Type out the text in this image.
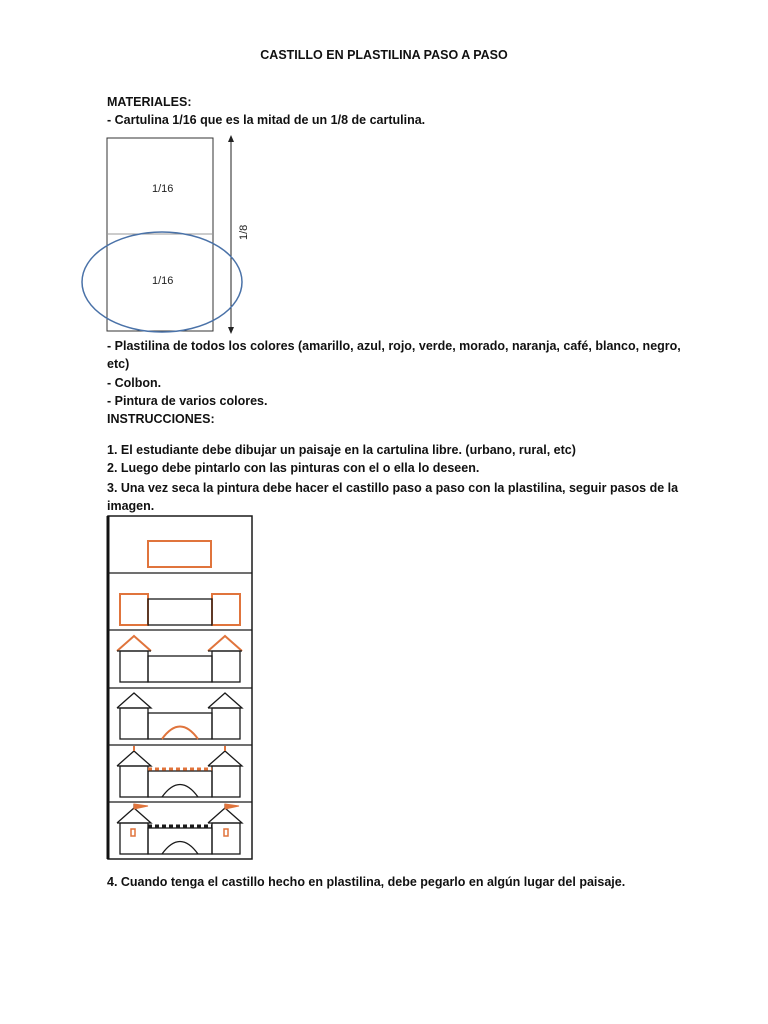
CASTILLO EN PLASTILINA PASO A PASO
MATERIALES:
- Cartulina 1/16 que es la mitad de un 1/8 de cartulina.
1/16
1/16
1/8
- Plastilina de todos los colores (amarillo, azul, rojo, verde, morado, naranja, café, blanco, negro,
etc)
- Colbon.
- Pintura de varios colores.
INSTRUCCIONES:
1. El estudiante debe dibujar un paisaje en la cartulina libre. (urbano, rural, etc)
2. Luego debe pintarlo con las pinturas con el o ella lo deseen.
3. Una vez seca la pintura debe hacer el castillo paso a paso con la plastilina, seguir pasos de la
imagen.
4. Cuando tenga el castillo hecho en plastilina, debe pegarlo en algún lugar del paisaje.
